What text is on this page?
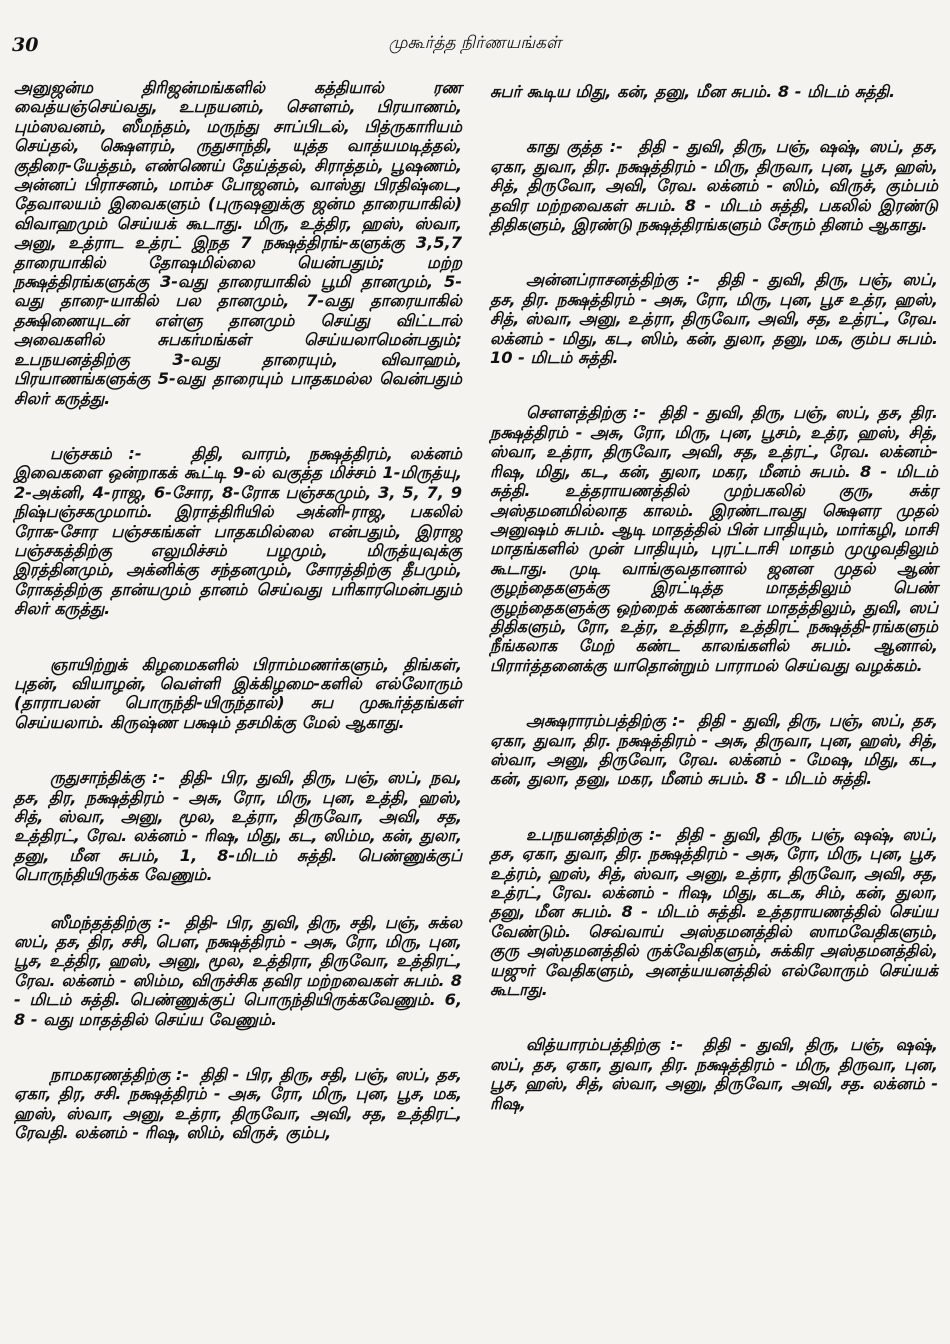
30	முகூர்த்த நிர்ணயங்கள்

அனுஜன்ம திரிஜன்மங்களில் கத்தியால் ரண வைத்யஞ்செய்வது, உபநயனம், சௌளம், பிரயாணம், பும்ஸவனம், ஸீமந்தம், மருந்து சாப்பிடல், பித்ருகாரியம் செய்தல், க்ஷௌரம், ருதுசாந்தி, யுத்த வாத்யமடித்தல், குதிரை-யேத்தம், எண்ணெய் தேய்த்தல், சிராத்தம், பூஷணம், அன்னப் பிராசனம், மாம்ச போஜனம், வாஸ்து பிரதிஷ்டை, தேவாலயம் இவைகளும் (புருஷனுக்கு ஜன்ம தாரையாகில்) விவாஹமும் செய்யக் கூடாது. மிரு, உத்திர, ஹஸ், ஸ்வா, அனு, உத்ராட உத்ரட் இநத 7 நக்ஷத்திரங்-களுக்கு 3,5,7 தாரையாகில் தோஷமில்லை யென்பதும்; மற்ற நக்ஷத்திரங்களுக்கு 3-வது தாரையாகில் பூமி தானமும், 5-வது தாரை-யாகில் பல தானமும், 7-வது தாரையாகில் தக்ஷிணையுடன் எள்ளு தானமும் செய்து விட்டால் அவைகளில் சுபகர்மங்கள் செய்யலாமென்பதும்; உபநயனத்திற்கு 3-வது தாரையும், விவாஹம், பிரயாணங்களுக்கு 5-வது தாரையும் பாதகமல்ல வென்பதும் சிலர் கருத்து.

பஞ்சகம் :-	திதி, வாரம், நக்ஷத்திரம், லக்னம் இவைகளை ஒன்றாகக் கூட்டி 9-ல் வகுத்த மிச்சம் 1-மிருத்யு, 2-அக்னி, 4-ராஜ, 6-சோர, 8-ரோக பஞ்சகமும், 3, 5, 7, 9 நிஷ்பஞ்சகமுமாம். இராத்திரியில் அக்னி-ராஜ, பகலில் ரோக-சோர பஞ்சகங்கள் பாதகமில்லை என்பதும், இராஜ பஞ்சகத்திற்கு எலுமிச்சம் பழமும், மிருத்யுவுக்கு இரத்தினமும், அக்னிக்கு சந்தனமும், சோரத்திற்கு தீபமும், ரோகத்திற்கு தான்யமும் தானம் செய்வது பரிகாரமென்பதும் சிலர் கருத்து.

ஞாயிற்றுக் கிழமைகளில் பிராம்மணர்களும், திங்கள், புதன், வியாழன், வெள்ளி இக்கிழமை-களில் எல்லோரும் (தாராபலன் பொருந்தி-யிருந்தால்) சுப முகூர்த்தங்கள் செய்யலாம். கிருஷ்ண பக்ஷம் தசமிக்கு மேல் ஆகாது.

ருதுசாந்திக்கு :- திதி- பிர, துவி, திரு, பஞ், ஸப், நவ, தச, திர, நக்ஷத்திரம் - அசு, ரோ, மிரு, புன, உத்தி, ஹஸ், சித், ஸ்வா, அனு, மூல, உத்ரா, திருவோ, அவி, சத, உத்திரட், ரேவ. லக்னம் - ரிஷ, மிது, கட, ஸிம்ம, கன், துலா, தனு, மீன சுபம், 1, 8-மிடம் சுத்தி. பெண்ணுக்குப் பொருந்தியிருக்க வேணும்.

ஸீமந்தத்திற்கு :- திதி- பிர, துவி, திரு, சதி, பஞ், சுக்ல ஸப், தச, திர, சசி, பௌ, நக்ஷத்திரம் - அசு, ரோ, மிரு, புன, பூச, உத்திர, ஹஸ், அனு, மூல, உத்திரா, திருவோ, உத்திரட், ரேவ. லக்னம் - ஸிம்ம, விருச்சிக தவிர மற்றவைகள் சுபம். 8 - மிடம் சுத்தி. பெண்ணுக்குப் பொருந்தியிருக்கவேணும். 6, 8 - வது மாதத்தில் செய்ய வேணும்.

நாமகரணத்திற்கு :- திதி - பிர, திரு, சதி, பஞ், ஸப், தச, ஏகா, திர, சசி. நக்ஷத்திரம் - அசு, ரோ, மிரு, புன, பூச, மக, ஹஸ், ஸ்வா, அனு, உத்ரா, திருவோ, அவி, சத, உத்திரட், ரேவதி. லக்னம் - ரிஷ, ஸிம், விருச், கும்ப,

சுபர் கூடிய மிது, கன், தனு, மீன சுபம். 8 - மிடம் சுத்தி.

காது குத்த :- திதி - துவி, திரு, பஞ், ஷஷ், ஸப், தச, ஏகா, துவா, திர. நக்ஷத்திரம் - மிரு, திருவா, புன, பூச, ஹஸ், சித், திருவோ, அவி, ரேவ. லக்னம் - ஸிம், விருச், கும்பம் தவிர மற்றவைகள் சுபம். 8 - மிடம் சுத்தி, பகலில் இரண்டு திதிகளும், இரண்டு நக்ஷத்திரங்களும் சேரும் தினம் ஆகாது.

அன்னப்ராசனத்திற்கு :- திதி - துவி, திரு, பஞ், ஸப், தச, திர. நக்ஷத்திரம் - அசு, ரோ, மிரு, புன, பூச உத்ர, ஹஸ், சித், ஸ்வா, அனு, உத்ரா, திருவோ, அவி, சத, உத்ரட், ரேவ. லக்னம் - மிது, கட, ஸிம், கன், துலா, தனு, மக, கும்ப சுபம். 10 - மிடம் சுத்தி.

சௌளத்திற்கு :- திதி - துவி, திரு, பஞ், ஸப், தச, திர. நக்ஷத்திரம் - அசு, ரோ, மிரு, புன, பூசம், உத்ர, ஹஸ், சித், ஸ்வா, உத்ரா, திருவோ, அவி, சத, உத்ரட், ரேவ. லக்னம்-ரிஷ, மிது, கட, கன், துலா, மகர, மீனம் சுபம். 8 - மிடம் சுத்தி. உத்தராயணத்தில் முற்பகலில் குரு, சுக்ர அஸ்தமனமில்லாத காலம். இரண்டாவது க்ஷௌர முதல் அனுஷம் சுபம். ஆடி மாதத்தில் பின் பாதியும், மார்கழி, மாசி மாதங்களில் முன் பாதியும், புரட்டாசி மாதம் முழுவதிலும் கூடாது. முடி வாங்குவதானால் ஜனன முதல் ஆண் குழந்தைகளுக்கு இரட்டித்த மாதத்திலும் பெண் குழந்தைகளுக்கு ஒற்றைக் கணக்கான மாதத்திலும், துவி, ஸப் திதிகளும், ரோ, உத்ர, உத்திரா, உத்திரட் நக்ஷத்தி-ரங்களும் நீங்கலாக மேற் கண்ட காலங்களில் சுபம். ஆனால், பிரார்த்தனைக்கு யாதொன்றும் பாராமல் செய்வது வழக்கம்.

அக்ஷராரம்பத்திற்கு :- திதி - துவி, திரு, பஞ், ஸப், தச, ஏகா, துவா, திர. நக்ஷத்திரம் - அசு, திருவா, புன, ஹஸ், சித், ஸ்வா, அனு, திருவோ, ரேவ. லக்னம் - மேஷ, மிது, கட, கன், துலா, தனு, மகர, மீனம் சுபம். 8 - மிடம் சுத்தி.

உபநயனத்திற்கு :- திதி - துவி, திரு, பஞ், ஷஷ், ஸப், தச, ஏகா, துவா, திர. நக்ஷத்திரம் - அசு, ரோ, மிரு, புன, பூச, உத்ரம், ஹஸ், சித், ஸ்வா, அனு, உத்ரா, திருவோ, அவி, சத, உத்ரட், ரேவ. லக்னம் - ரிஷ, மிது, கடக, சிம், கன், துலா, தனு, மீன சுபம். 8 - மிடம் சுத்தி. உத்தராயணத்தில் செய்ய வேண்டும். செவ்வாய் அஸ்தமனத்தில் ஸாமவேதிகளும், குரு அஸ்தமனத்தில் ருக்வேதிகளும், சுக்கிர அஸ்தமனத்தில், யஜுர் வேதிகளும், அனத்யயனத்தில் எல்லோரும் செய்யக் கூடாது.

வித்யாரம்பத்திற்கு :- திதி - துவி, திரு, பஞ், ஷஷ், ஸப், தச, ஏகா, துவா, திர. நக்ஷத்திரம் - மிரு, திருவா, புன, பூச, ஹஸ், சித், ஸ்வா, அனு, திருவோ, அவி, சத. லக்னம் - ரிஷ,
